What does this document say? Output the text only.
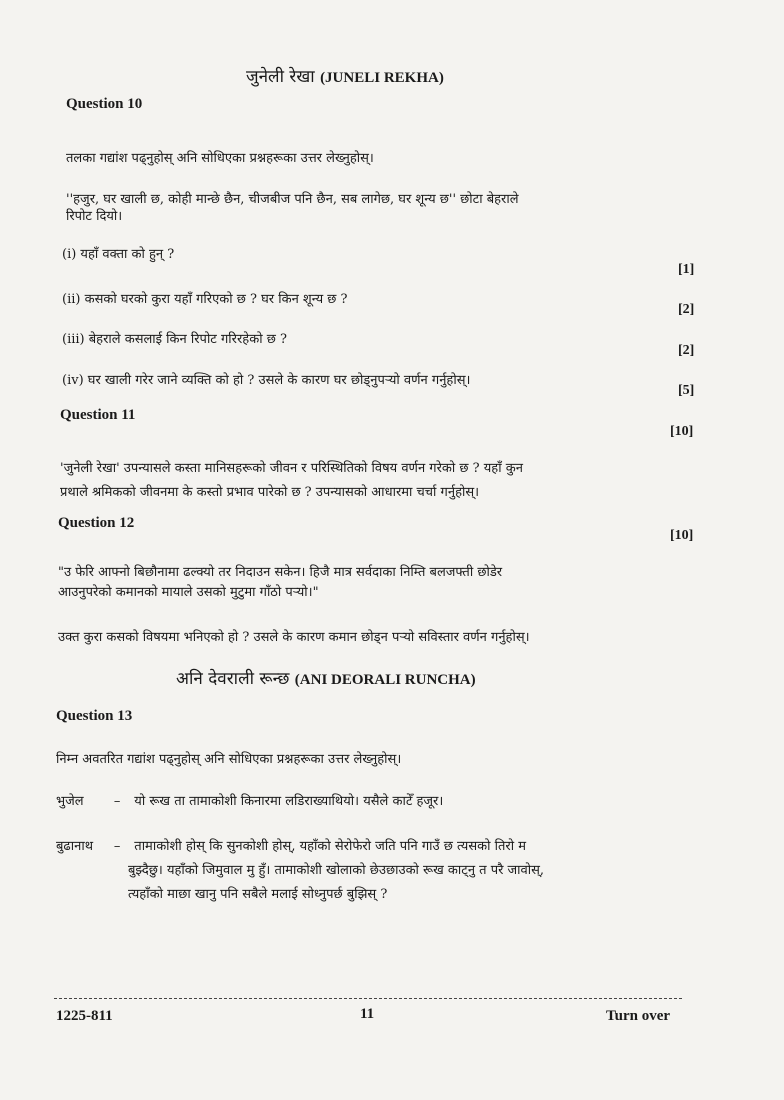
जुनेली रेखा (JUNELI REKHA)
Question 10
तलका गद्यांश पढ्नुहोस् अनि सोधिएका प्रश्नहरूका उत्तर लेख्नुहोस्।
''हजुर, घर खाली छ, कोही मान्छे छैन, चीजबीज पनि छैन, सब लागेछ, घर शून्य छ'' छोटा बेहराले
रिपोट दियो।
(i) यहाँ वक्ता को हुन् ?
[1]
(ii) कसको घरको कुरा यहाँ गरिएको छ ? घर किन शून्य छ ?
[2]
(iii) बेहराले कसलाई किन रिपोट गरिरहेको छ ?
[2]
(iv) घर खाली गरेर जाने व्यक्ति को हो ? उसले के कारण घर छोड्नुपऱ्यो वर्णन गर्नुहोस्।
[5]
Question 11
[10]
'जुनेली रेखा' उपन्यासले कस्ता मानिसहरूको जीवन र परिस्थितिको विषय वर्णन गरेको छ ? यहाँ कुन
प्रथाले श्रमिकको जीवनमा के कस्तो प्रभाव पारेको छ ? उपन्यासको आधारमा चर्चा गर्नुहोस्।
Question 12
[10]
"उ फेरि आफ्नो बिछौनामा ढल्क्यो तर निदाउन सकेन। हिजै मात्र सर्वदाका निम्ति बलजफ्ती छोडेर
आउनुपरेको कमानको मायाले उसको मुटुमा गाँठो पऱ्यो।"
उक्त कुरा कसको विषयमा भनिएको हो ? उसले के कारण कमान छोड्न पऱ्यो सविस्तार वर्णन गर्नुहोस्।
अनि देवराली रून्छ (ANI DEORALI RUNCHA)
Question 13
निम्न अवतरित गद्यांश पढ्नुहोस् अनि सोधिएका प्रश्नहरूका उत्तर लेख्नुहोस्।
भुजेल – यो रूख ता तामाकोशी किनारमा लडिराख्याथियो। यसैले काटेँ हजूर।
बुढानाथ – तामाकोशी होस् कि सुनकोशी होस्, यहाँको सेरोफेरो जति पनि गाउँ छ त्यसको तिरो म
बुझ्दैछु। यहाँको जिमुवाल मु हुँ। तामाकोशी खोलाको छेउछाउको रूख काट्नु त परै जावोस्,
त्यहाँको माछा खानु पनि सबैले मलाई सोध्नुपर्छ बुझिस् ?
1225-811	11	Turn over
